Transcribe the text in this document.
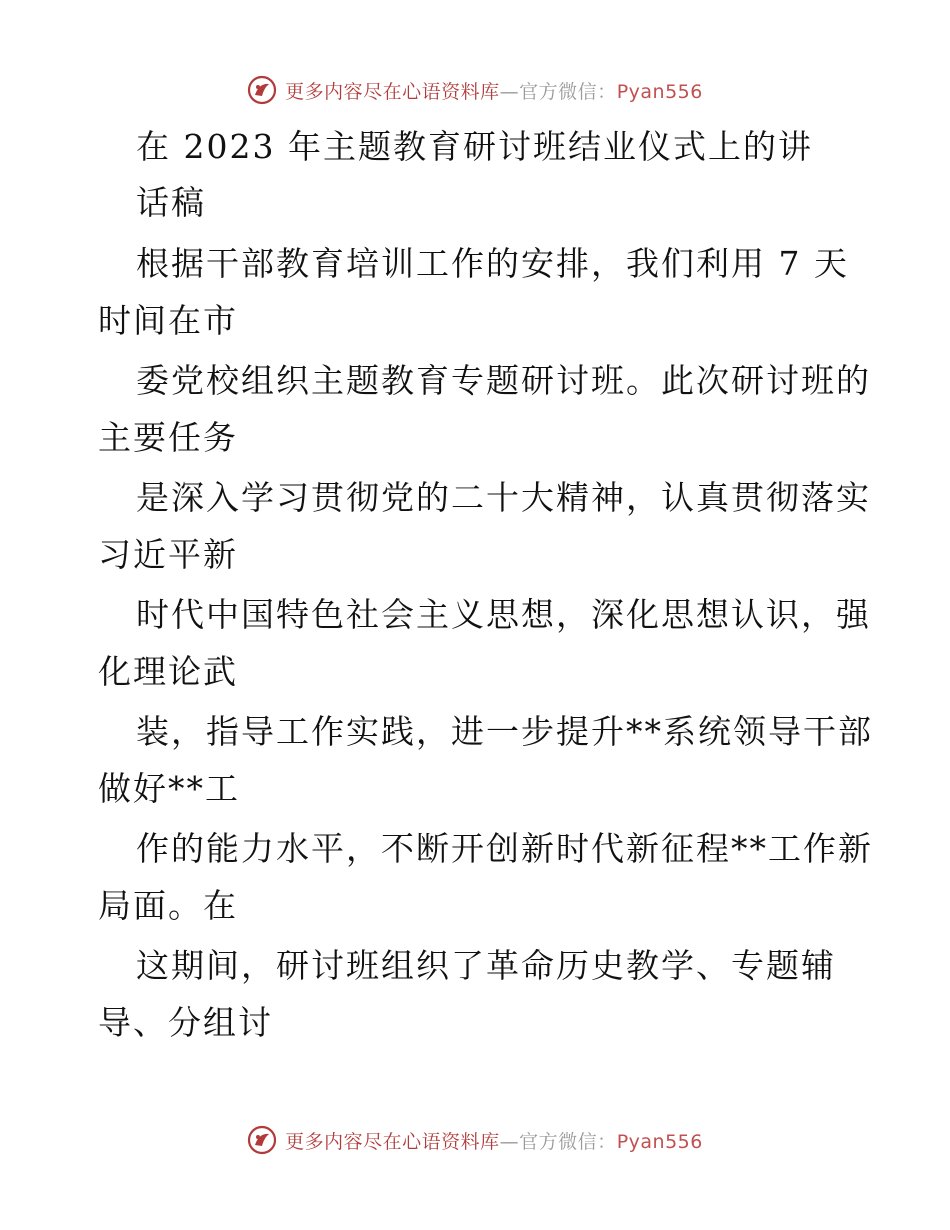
更多内容尽在心语资料库—官方微信：Pyan556
在 2023 年主题教育研讨班结业仪式上的讲
话稿
根据干部教育培训工作的安排，我们利用 7 天
时间在市
委党校组织主题教育专题研讨班。此次研讨班的
主要任务
是深入学习贯彻党的二十大精神，认真贯彻落实
习近平新
时代中国特色社会主义思想，深化思想认识，强
化理论武
装，指导工作实践，进一步提升**系统领导干部
做好**工
作的能力水平，不断开创新时代新征程**工作新
局面。在
这期间，研讨班组织了革命历史教学、专题辅
导、分组讨
更多内容尽在心语资料库—官方微信：Pyan556
